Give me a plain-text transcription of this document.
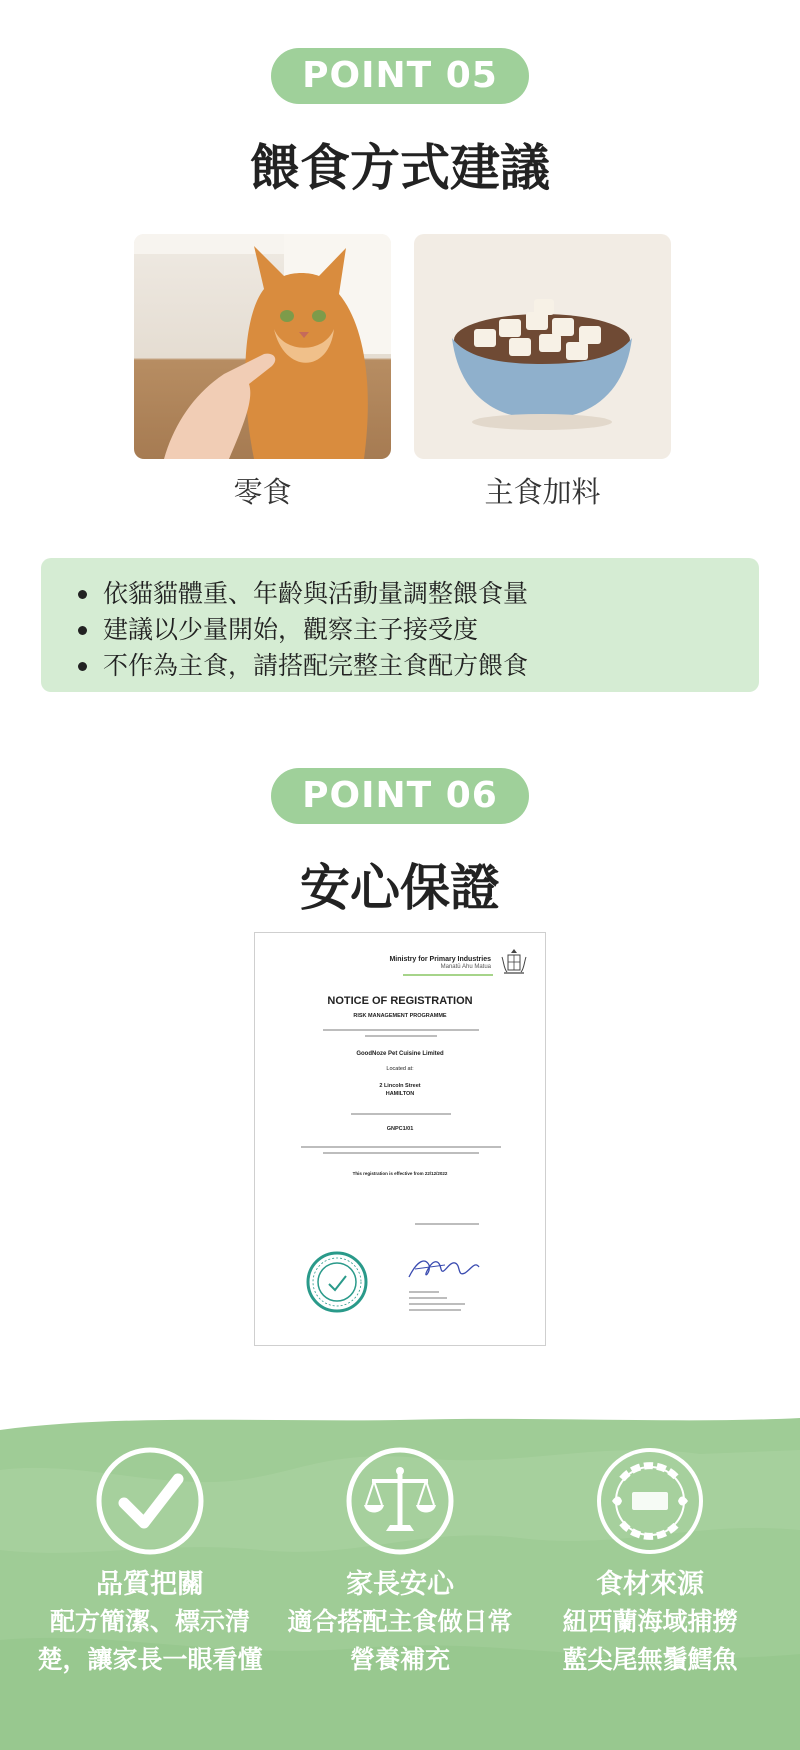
POINT 05
餵食方式建議
零食	主食加料
依貓貓體重、年齡與活動量調整餵食量
建議以少量開始，觀察主子接受度
不作為主食，請搭配完整主食配方餵食
POINT 06
安心保證
Ministry for Primary Industries
Manatū Ahu Matua
NOTICE OF REGISTRATION
RISK MANAGEMENT PROGRAMME
GoodNoze Pet Cuisine Limited
Located at:
2 Lincoln Street
HAMILTON
GNPC1/01
This registration is effective from 22/12/2022
品質把關
配方簡潔、標示清
楚，讓家長一眼看懂
家長安心
適合搭配主食做日常
營養補充
食材來源
紐西蘭海域捕撈
藍尖尾無鬚鱈魚
